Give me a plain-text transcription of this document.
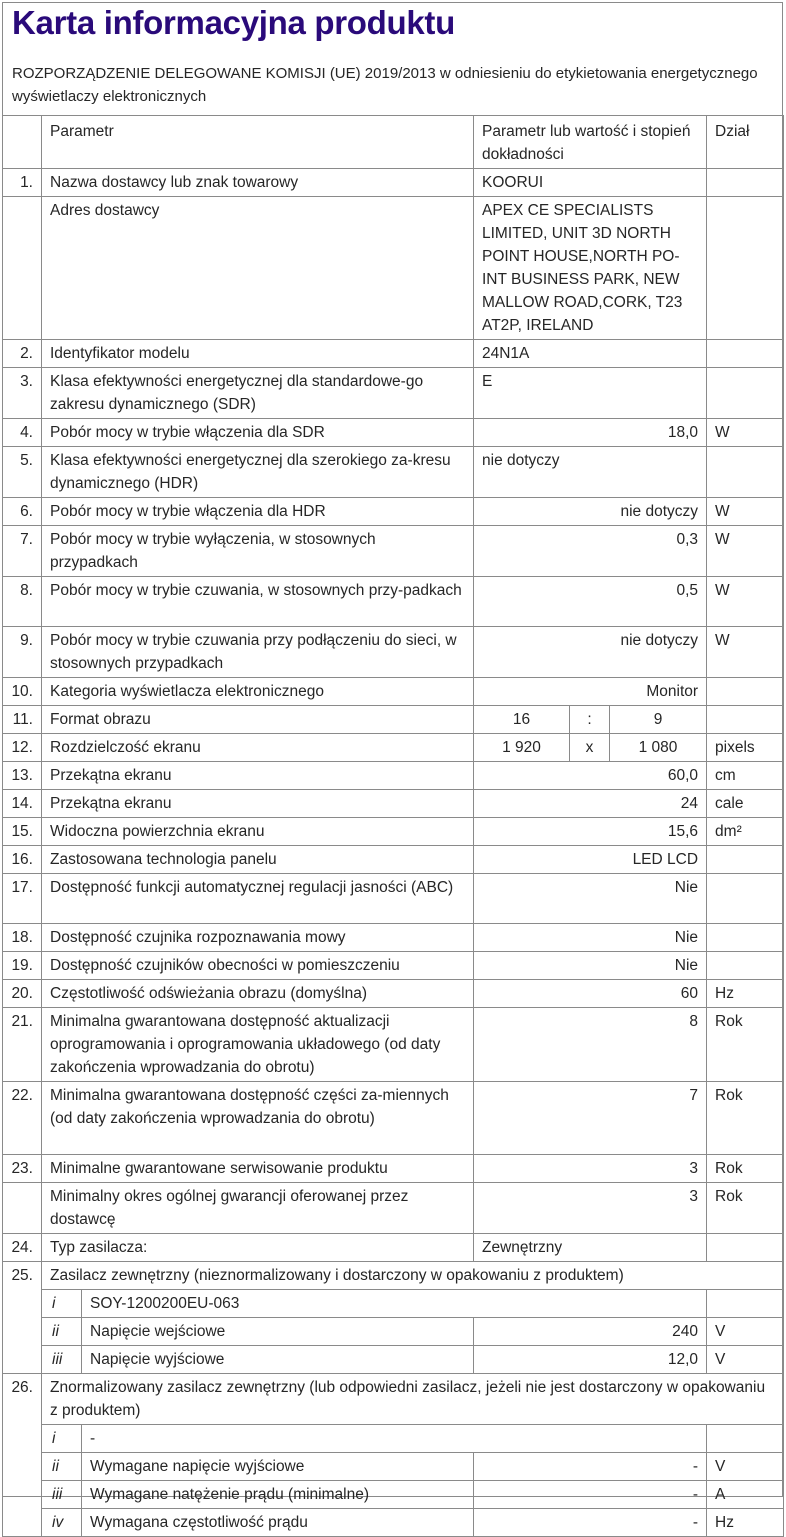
Karta informacyjna produktu
ROZPORZĄDZENIE DELEGOWANE KOMISJI (UE) 2019/2013 w odniesieniu do etykietowania energetycznego wyświetlaczy elektronicznych
	Parametr		Parametr lub wartość i stopień dokładności			Dział
1.	Nazwa dostawcy lub znak towarowy		KOORUI			
	Adres dostawcy		APEX CE SPECIALISTS LIMITED, UNIT 3D NORTH POINT HOUSE,NORTH PO-INT BUSINESS PARK, NEW MALLOW ROAD,CORK, T23 AT2P, IRELAND			
2.	Identyfikator modelu		24N1A			
3.	Klasa efektywności energetycznej dla standardowe-go zakresu dynamicznego (SDR)		E			
4.	Pobór mocy w trybie włączenia dla SDR		18,0			W
5.	Klasa efektywności energetycznej dla szerokiego za-kresu dynamicznego (HDR)		nie dotyczy			
6.	Pobór mocy w trybie włączenia dla HDR		nie dotyczy			W
7.	Pobór mocy w trybie wyłączenia, w stosownych przypadkach		0,3			W
8.	Pobór mocy w trybie czuwania, w stosownych przy-padkach		0,5			W
9.	Pobór mocy w trybie czuwania przy podłączeniu do sieci, w stosownych przypadkach		nie dotyczy			W
10.	Kategoria wyświetlacza elektronicznego		Monitor			
11.	Format obrazu		16	:	9	
12.	Rozdzielczość ekranu		1 920	x	1 080	pixels
13.	Przekątna ekranu		60,0			cm
14.	Przekątna ekranu		24			cale
15.	Widoczna powierzchnia ekranu		15,6			dm²
16.	Zastosowana technologia panelu		LED LCD			
17.	Dostępność funkcji automatycznej regulacji jasności (ABC)		Nie			
18.	Dostępność czujnika rozpoznawania mowy		Nie			
19.	Dostępność czujników obecności w pomieszczeniu		Nie			
20.	Częstotliwość odświeżania obrazu (domyślna)		60			Hz
21.	Minimalna gwarantowana dostępność aktualizacji oprogramowania i oprogramowania układowego (od daty zakończenia wprowadzania do obrotu)		8			Rok
22.	Minimalna gwarantowana dostępność części za-miennych (od daty zakończenia wprowadzania do obrotu)		7			Rok
23.	Minimalne gwarantowane serwisowanie produktu		3			Rok
	Minimalny okres ogólnej gwarancji oferowanej przez dostawcę		3			Rok
24.	Typ zasilacza:		Zewnętrzny			
25.	Zasilacz zewnętrzny (nieznormalizowany i dostarczony w opakowaniu z produktem)					
	i	SOY-1200200EU-063				
	ii	Napięcie wejściowe	240			V
	iii	Napięcie wyjściowe	12,0			V
26.	Znormalizowany zasilacz zewnętrzny (lub odpowiedni zasilacz, jeżeli nie jest dostarczony w opakowaniu z produktem)					
	i	-				
	ii	Wymagane napięcie wyjściowe	-			V
	iii	Wymagane natężenie prądu (minimalne)	-			A
	iv	Wymagana częstotliwość prądu	-			Hz
